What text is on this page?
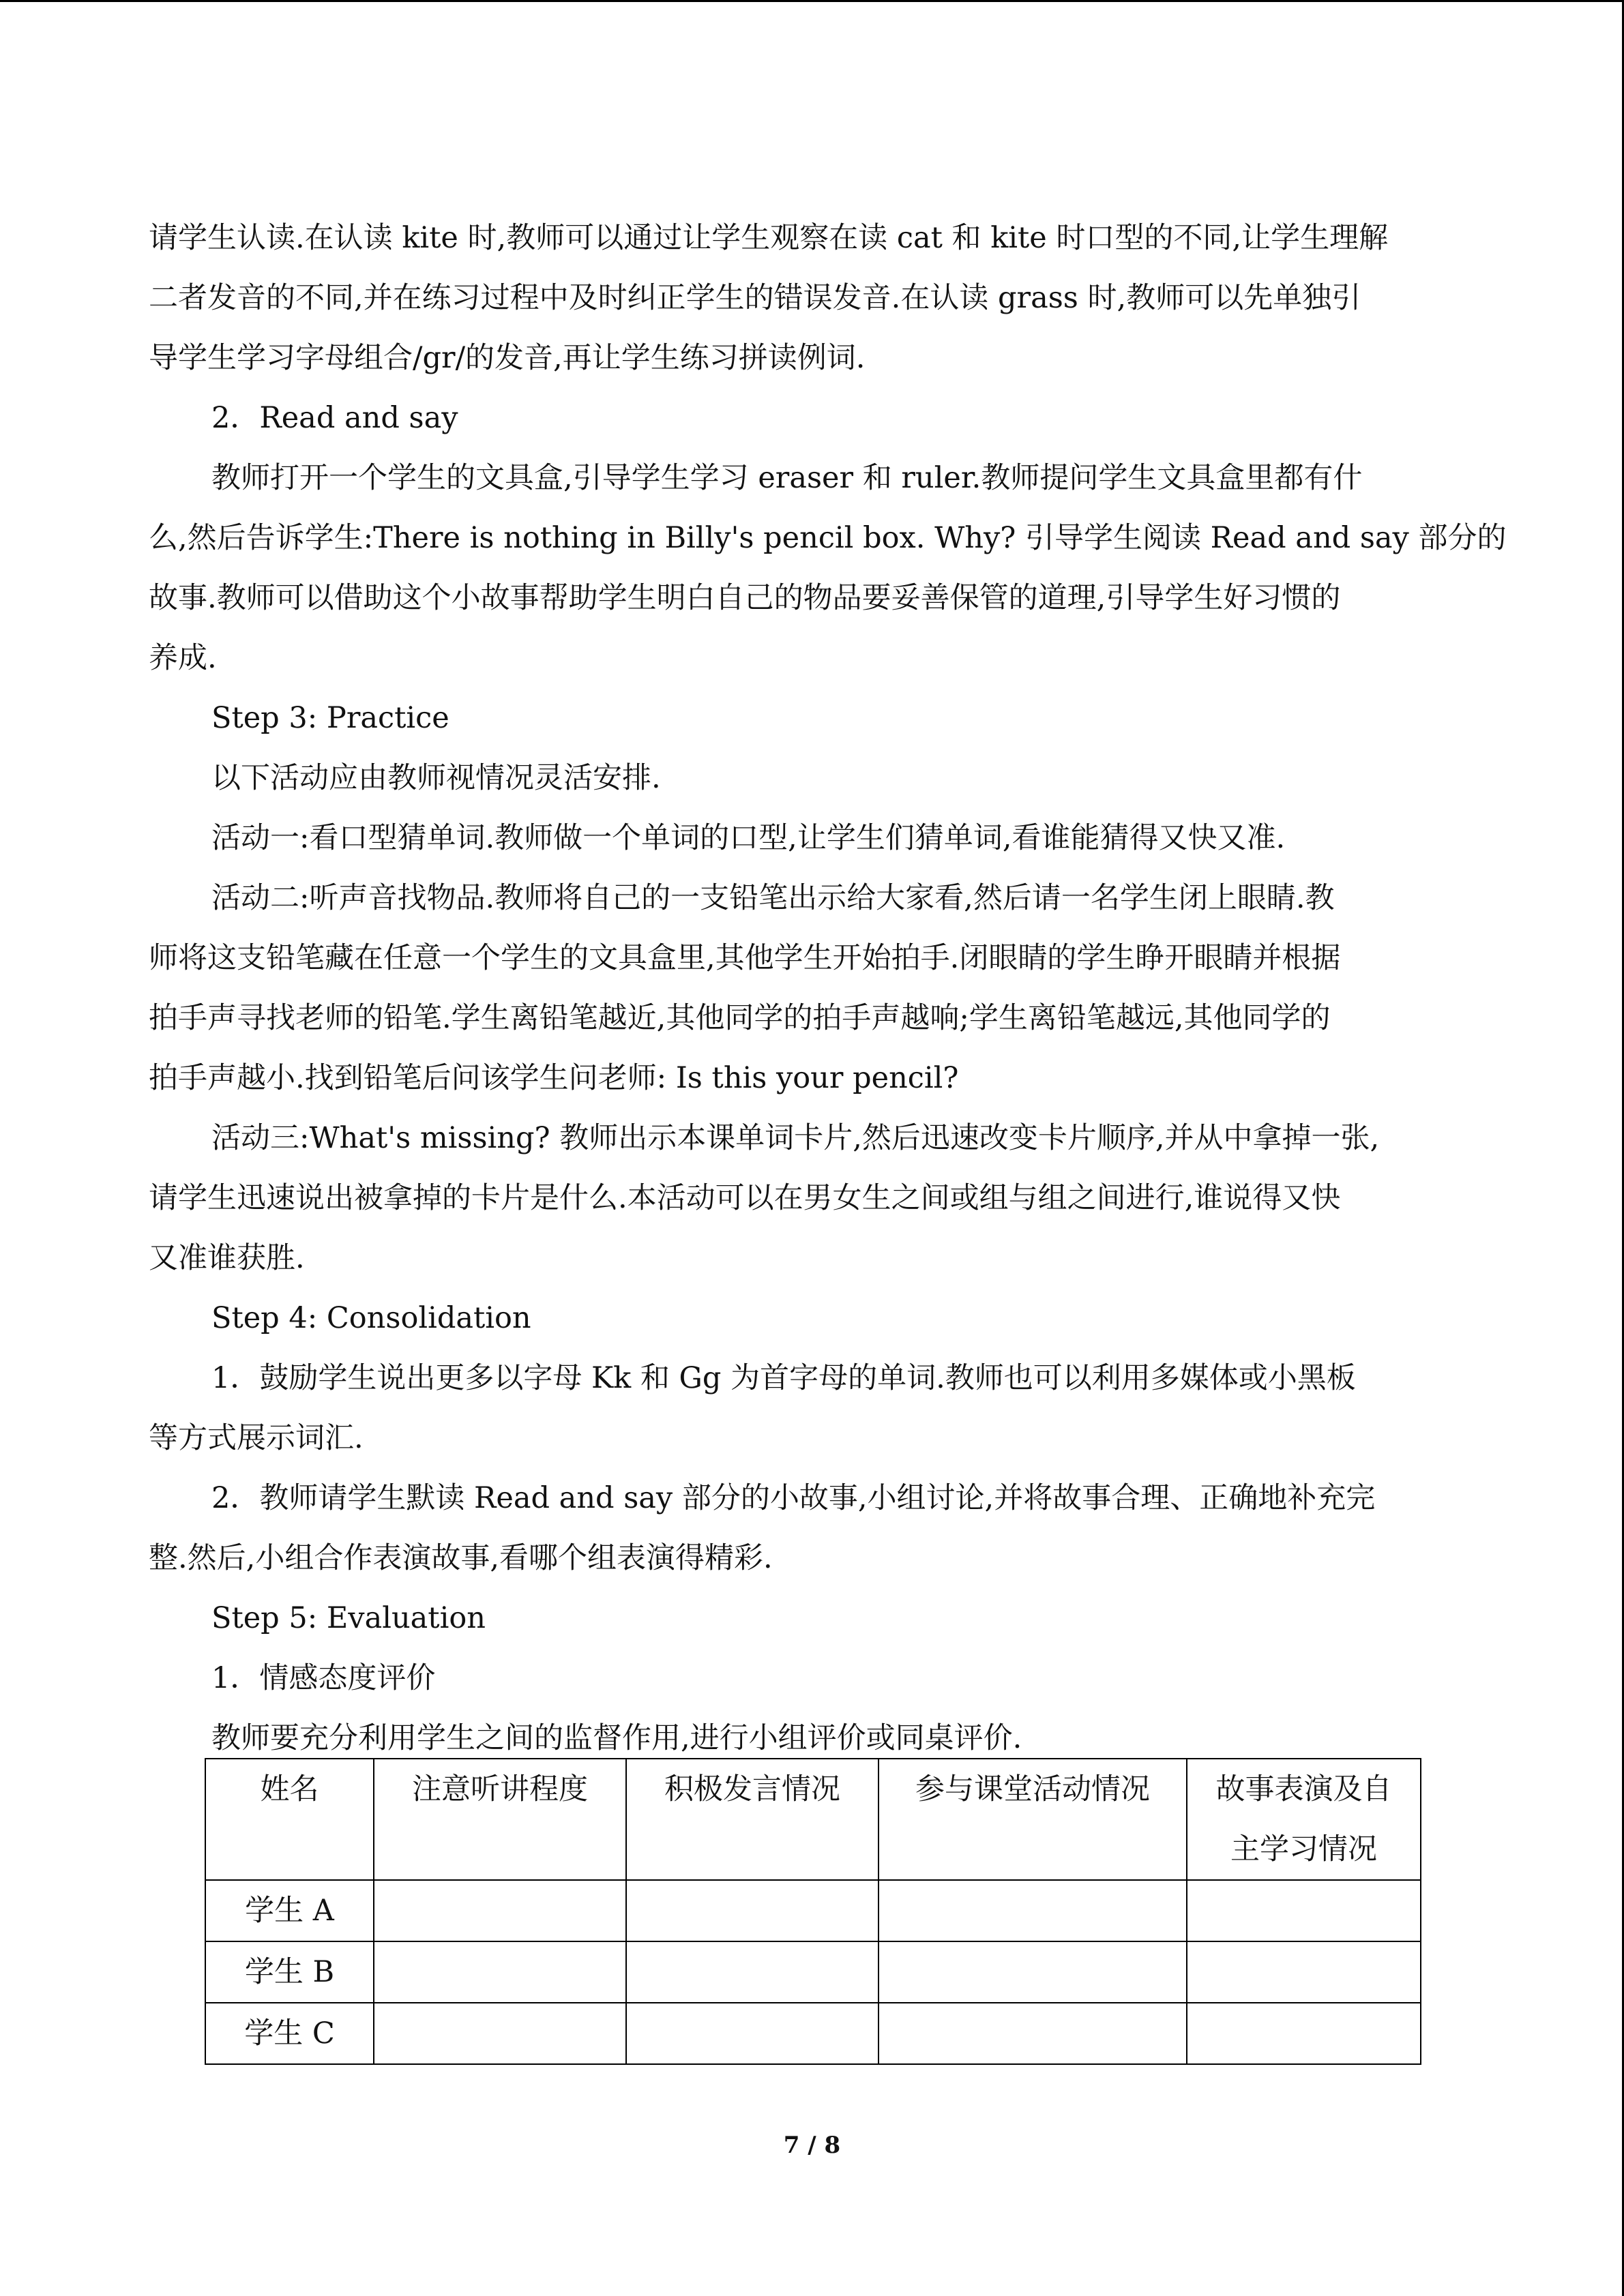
请学生认读.在认读 kite 时,教师可以通过让学生观察在读 cat 和 kite 时口型的不同,让学生理解

二者发音的不同,并在练习过程中及时纠正学生的错误发音.在认读 grass 时,教师可以先单独引

导学生学习字母组合/gr/的发音,再让学生练习拼读例词.

2．Read and say

教师打开一个学生的文具盒,引导学生学习 eraser 和 ruler.教师提问学生文具盒里都有什

么,然后告诉学生:There is nothing in Billy's pencil box. Why? 引导学生阅读 Read and say 部分的

故事.教师可以借助这个小故事帮助学生明白自己的物品要妥善保管的道理,引导学生好习惯的

养成.

Step 3: Practice

以下活动应由教师视情况灵活安排.

活动一:看口型猜单词.教师做一个单词的口型,让学生们猜单词,看谁能猜得又快又准.

活动二:听声音找物品.教师将自己的一支铅笔出示给大家看,然后请一名学生闭上眼睛.教

师将这支铅笔藏在任意一个学生的文具盒里,其他学生开始拍手.闭眼睛的学生睁开眼睛并根据

拍手声寻找老师的铅笔.学生离铅笔越近,其他同学的拍手声越响;学生离铅笔越远,其他同学的

拍手声越小.找到铅笔后问该学生问老师: Is this your pencil?

活动三:What's missing? 教师出示本课单词卡片,然后迅速改变卡片顺序,并从中拿掉一张,

请学生迅速说出被拿掉的卡片是什么.本活动可以在男女生之间或组与组之间进行,谁说得又快

又准谁获胜.

Step 4: Consolidation

1．鼓励学生说出更多以字母 Kk 和 Gg 为首字母的单词.教师也可以利用多媒体或小黑板

等方式展示词汇.

2．教师请学生默读 Read and say 部分的小故事,小组讨论,并将故事合理、正确地补充完

整.然后,小组合作表演故事,看哪个组表演得精彩.

Step 5: Evaluation

1．情感态度评价

教师要充分利用学生之间的监督作用,进行小组评价或同桌评价.

姓名	注意听讲程度	积极发言情况	参与课堂活动情况	故事表演及自
主学习情况

学生 A				
学生 B				
学生 C				
7 / 8
